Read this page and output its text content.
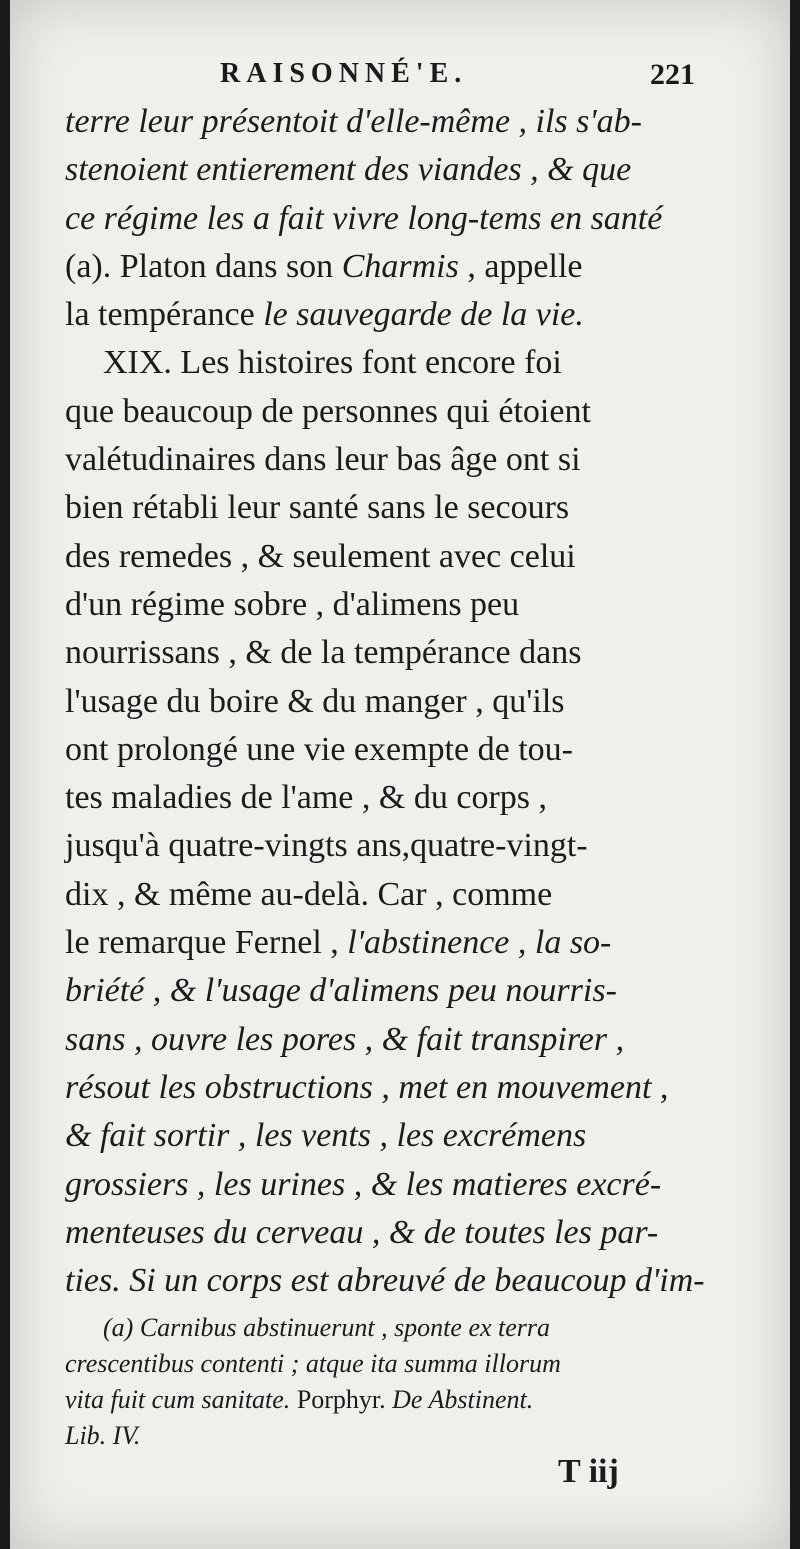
RAISONNÉ'E.	221
terre leur présentoit d'elle-même , ils s'ab-
stenoient entierement des viandes , & que
ce régime les a fait vivre long-tems en santé
(a). Platon dans son Charmis , appelle
la tempérance le sauvegarde de la vie.
XIX. Les histoires font encore foi
que beaucoup de personnes qui étoient
valétudinaires dans leur bas âge ont si
bien rétabli leur santé sans le secours
des remedes , & seulement avec celui
d'un régime sobre , d'alimens peu
nourrissans , & de la tempérance dans
l'usage du boire & du manger , qu'ils
ont prolongé une vie exempte de tou-
tes maladies de l'ame , & du corps ,
jusqu'à quatre-vingts ans,quatre-vingt-
dix , & même au-delà. Car , comme
le remarque Fernel , l'abstinence , la so-
briété , & l'usage d'alimens peu nourris-
sans , ouvre les pores , & fait transpirer ,
résout les obstructions , met en mouvement ,
& fait sortir , les vents , les excrémens
grossiers , les urines , & les matieres excré-
menteuses du cerveau , & de toutes les par-
ties. Si un corps est abreuvé de beaucoup d'im-
(a) Carnibus abstinuerunt , sponte ex terra
crescentibus contenti ; atque ita summa illorum
vita fuit cum sanitate. Porphyr. De Abstinent.
Lib. IV.
T iij
